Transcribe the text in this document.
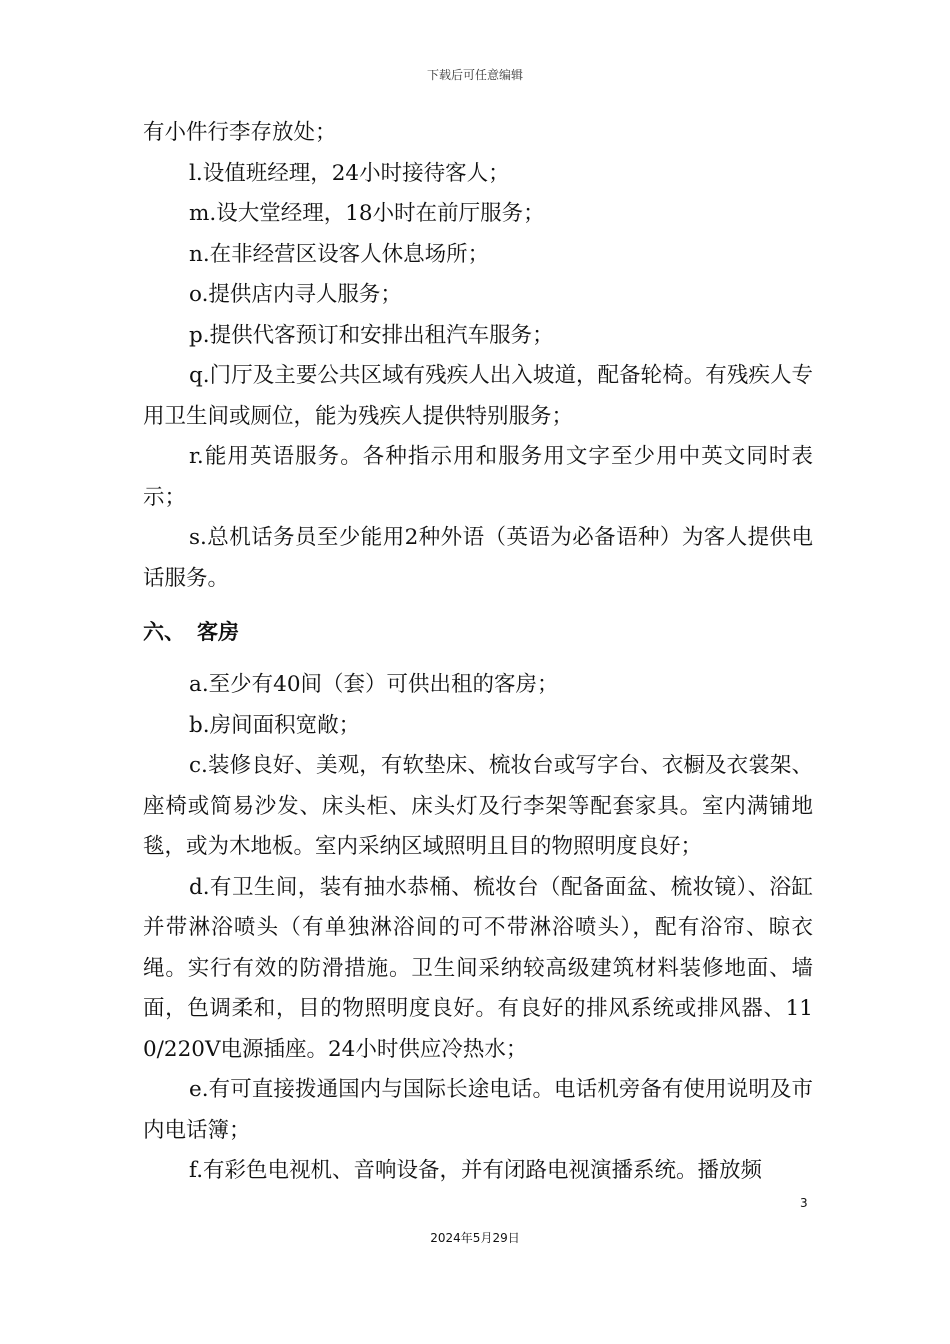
下载后可任意编辑

有小件行李存放处；

l.设值班经理，24小时接待客人；

m.设大堂经理，18小时在前厅服务；

n.在非经营区设客人休息场所；

o.提供店内寻人服务；

p.提供代客预订和安排出租汽车服务；

q.门厅及主要公共区域有残疾人出入坡道，配备轮椅。有残疾人专用卫生间或厕位，能为残疾人提供特别服务；

r.能用英语服务。各种指示用和服务用文字至少用中英文同时表示；

s.总机话务员至少能用2种外语（英语为必备语种）为客人提供电话服务。

六、 客房

a.至少有40间（套）可供出租的客房；

b.房间面积宽敞；

c.装修良好、美观，有软垫床、梳妆台或写字台、衣橱及衣裳架、座椅或简易沙发、床头柜、床头灯及行李架等配套家具。室内满铺地毯，或为木地板。室内采纳区域照明且目的物照明度良好；

d.有卫生间，装有抽水恭桶、梳妆台（配备面盆、梳妆镜）、浴缸并带淋浴喷头（有单独淋浴间的可不带淋浴喷头），配有浴帘、晾衣绳。实行有效的防滑措施。卫生间采纳较高级建筑材料装修地面、墙面，色调柔和，目的物照明度良好。有良好的排风系统或排风器、110/220V电源插座。24小时供应冷热水；

e.有可直接拨通国内与国际长途电话。电话机旁备有使用说明及市内电话簿；

f.有彩色电视机、音响设备，并有闭路电视演播系统。播放频

3
2024年5月29日
